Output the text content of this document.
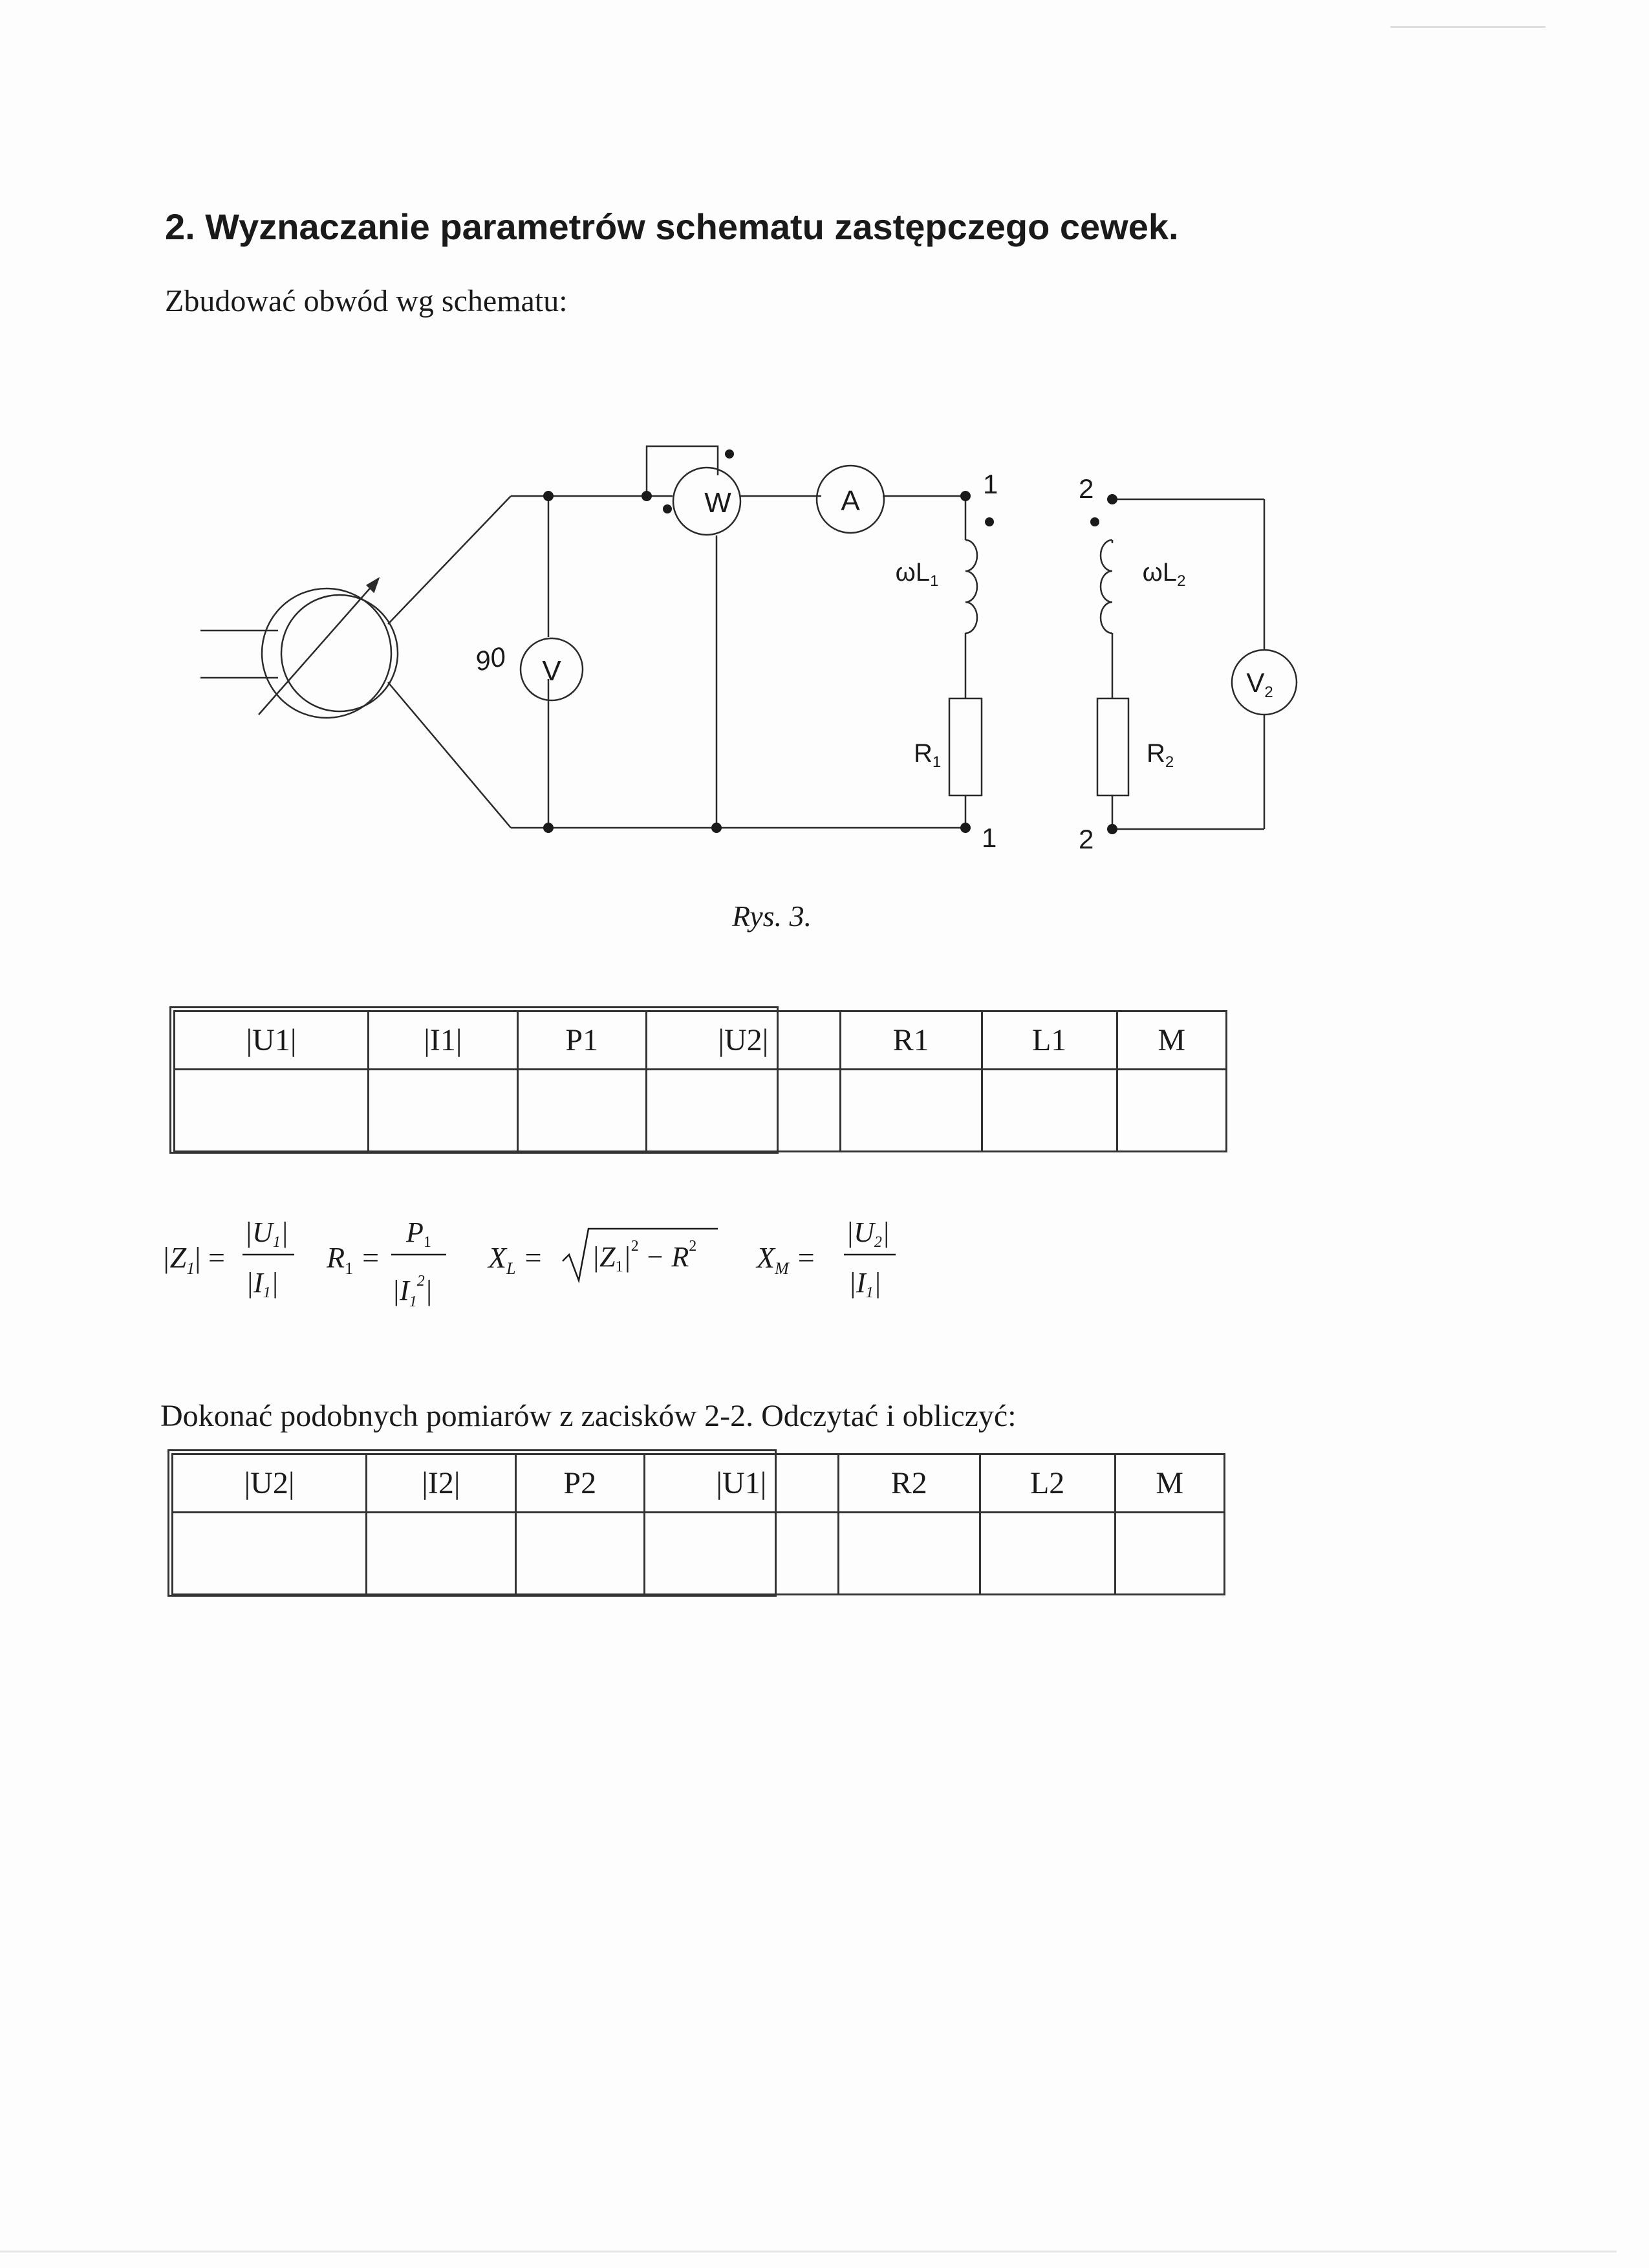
2. Wyznaczanie parametrów schematu zastępczego cewek.
Zbudować obwód wg schematu:
V
90
W	A
1	2
1	2
$\omega L_1$	$\omega L_2$
$R_1$	$R_2$
V2
Rys. 3.
|U1|	|I1|	P1	|U2|	R1	L1	M

$|Z_1|$ =
|U1|
|I1|
$R_1$ =
P1
$|I_1^2|$
$X_L = |Z1|^2 - R^2$ $X_M$ =
|U2|
|I1|
Dokonać podobnych pomiarów z zacisków 2-2. Odczytać i obliczyć:
|U2|	|I2|	P2	|U1|	R2	L2	M
